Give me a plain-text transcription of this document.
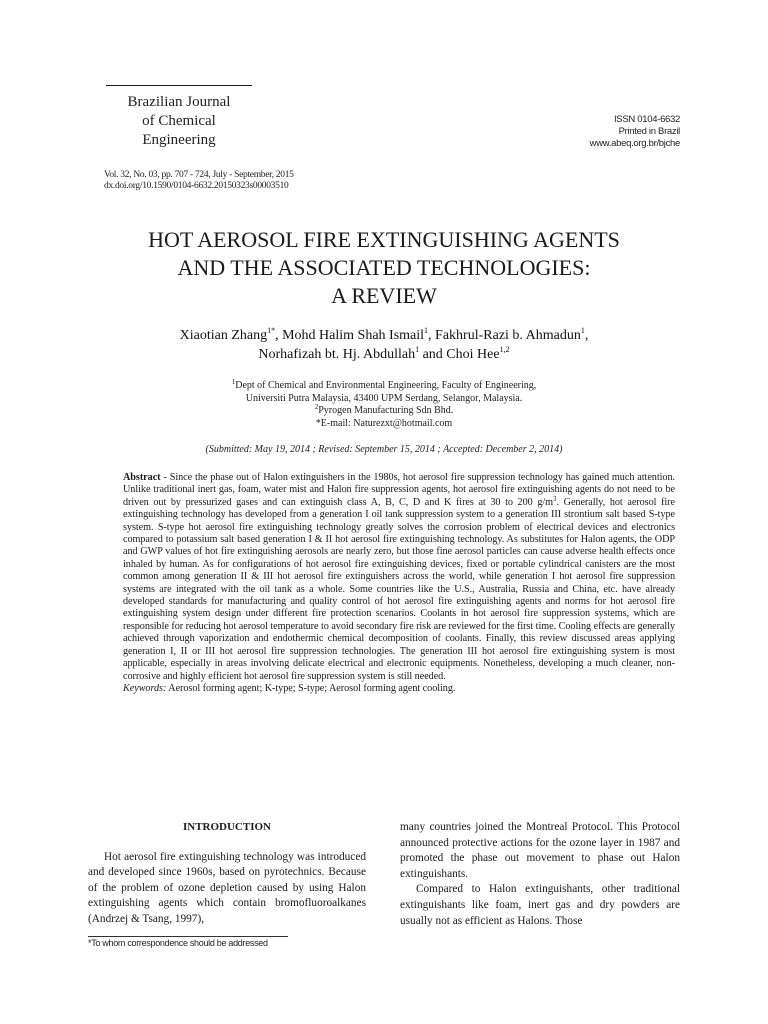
Brazilian Journal
of Chemical
Engineering
ISSN 0104-6632
Printed in Brazil
www.abeq.org.br/bjche
Vol. 32, No. 03, pp. 707 - 724, July - September, 2015
dx.doi.org/10.1590/0104-6632.20150323s00003510
HOT AEROSOL FIRE EXTINGUISHING AGENTS
AND THE ASSOCIATED TECHNOLOGIES:
A REVIEW
Xiaotian Zhang$^{1*}$, Mohd Halim Shah Ismail$^1$, Fakhrul-Razi b. Ahmadun$^1$,
Norhafizah bt. Hj. Abdullah$^1$ and Choi Hee$^{1,2}$
$^1$Dept of Chemical and Environmental Engineering, Faculty of Engineering,
Universiti Putra Malaysia, 43400 UPM Serdang, Selangor, Malaysia.
$^2$Pyrogen Manufacturing Sdn Bhd.
*E-mail: Naturezxt@hotmail.com
(Submitted: May 19, 2014 ; Revised: September 15, 2014 ; Accepted: December 2, 2014)
Abstract - Since the phase out of Halon extinguishers in the 1980s, hot aerosol fire suppression technology has gained much attention. Unlike traditional inert gas, foam, water mist and Halon fire suppression agents, hot aerosol fire extinguishing agents do not need to be driven out by pressurized gases and can extinguish class A, B, C, D and K fires at 30 to 200 $g/m^3$. Generally, hot aerosol fire extinguishing technology has developed from a generation I oil tank suppression system to a generation III strontium salt based S-type system. S-type hot aerosol fire extinguishing technology greatly solves the corrosion problem of electrical devices and electronics compared to potassium salt based generation I & II hot aerosol fire extinguishing technology. As substitutes for Halon agents, the ODP and GWP values of hot fire extinguishing aerosols are nearly zero, but those fine aerosol particles can cause adverse health effects once inhaled by human. As for configurations of hot aerosol fire extinguishing devices, fixed or portable cylindrical canisters are the most common among generation II & III hot aerosol fire extinguishers across the world, while generation I hot aerosol fire suppression systems are integrated with the oil tank as a whole. Some countries like the U.S., Australia, Russia and China, etc. have already developed standards for manufacturing and quality control of hot aerosol fire extinguishing agents and norms for hot aerosol fire extinguishing system design under different fire protection scenarios. Coolants in hot aerosol fire suppression systems, which are responsible for reducing hot aerosol temperature to avoid secondary fire risk are reviewed for the first time. Cooling effects are generally achieved through vaporization and endothermic chemical decomposition of coolants. Finally, this review discussed areas applying generation I, II or III hot aerosol fire suppression technologies. The generation III hot aerosol fire extinguishing system is most applicable, especially in areas involving delicate electrical and electronic equipments. Nonetheless, developing a much cleaner, non-corrosive and highly efficient hot aerosol fire suppression system is still needed.
Keywords: Aerosol forming agent; K-type; S-type; Aerosol forming agent cooling.
INTRODUCTION

Hot aerosol fire extinguishing technology was introduced and developed since 1960s, based on pyrotechnics. Because of the problem of ozone depletion caused by using Halon extinguishing agents which contain bromofluoroalkanes (Andrzej & Tsang, 1997),

many countries joined the Montreal Protocol. This Protocol announced protective actions for the ozone layer in 1987 and promoted the phase out movement to phase out Halon extinguishants.

Compared to Halon extinguishants, other traditional extinguishants like foam, inert gas and dry powders are usually not as efficient as Halons. Those

*To whom correspondence should be addressed
